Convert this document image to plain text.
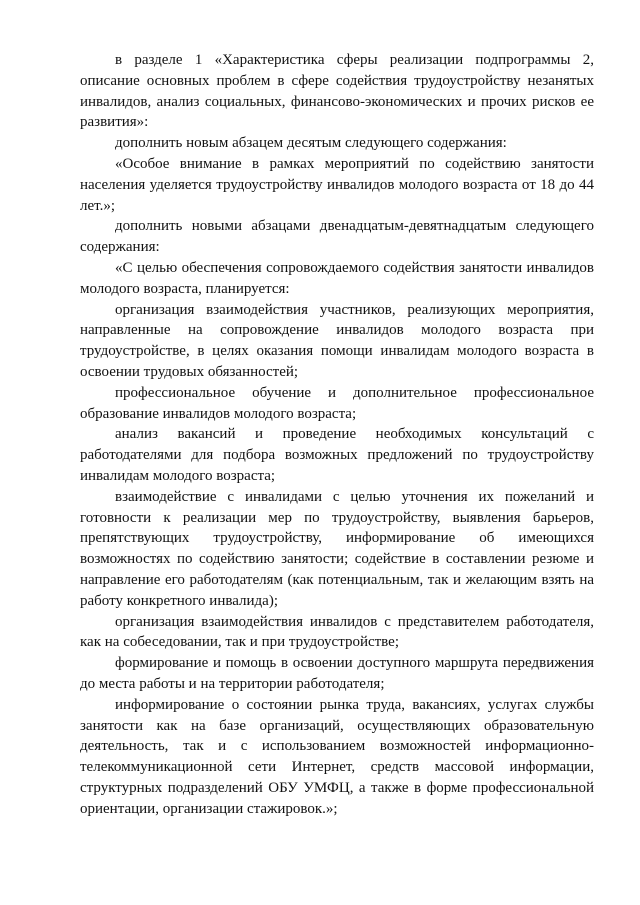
в разделе 1 «Характеристика сферы реализации подпрограммы 2, описание основных проблем в сфере содействия трудоустройству незанятых инвалидов, анализ социальных, финансово-экономических и прочих рисков ее развития»:

дополнить новым абзацем десятым следующего содержания:

«Особое внимание в рамках мероприятий по содействию занятости населения уделяется трудоустройству инвалидов молодого возраста от 18 до 44 лет.»;

дополнить новыми абзацами двенадцатым-девятнадцатым следующего содержания:

«С целью обеспечения сопровождаемого содействия занятости инвалидов молодого возраста, планируется:

организация взаимодействия участников, реализующих мероприятия, направленные на сопровождение инвалидов молодого возраста при трудоустройстве, в целях оказания помощи инвалидам молодого возраста в освоении трудовых обязанностей;

профессиональное обучение и дополнительное профессиональное образование инвалидов молодого возраста;

анализ вакансий и проведение необходимых консультаций с работодателями для подбора возможных предложений по трудоустройству инвалидам молодого возраста;

взаимодействие с инвалидами с целью уточнения их пожеланий и готовности к реализации мер по трудоустройству, выявления барьеров, препятствующих трудоустройству, информирование об имеющихся возможностях по содействию занятости; содействие в составлении резюме и направление его работодателям (как потенциальным, так и желающим взять на работу конкретного инвалида);

организация взаимодействия инвалидов с представителем работодателя, как на собеседовании, так и при трудоустройстве;

формирование и помощь в освоении доступного маршрута передвижения до места работы и на территории работодателя;

информирование о состоянии рынка труда, вакансиях, услугах службы занятости как на базе организаций, осуществляющих образовательную деятельность, так и с использованием возможностей информационно-телекоммуникационной сети Интернет, средств массовой информации, структурных подразделений ОБУ УМФЦ, а также в форме профессиональной ориентации, организации стажировок.»;
